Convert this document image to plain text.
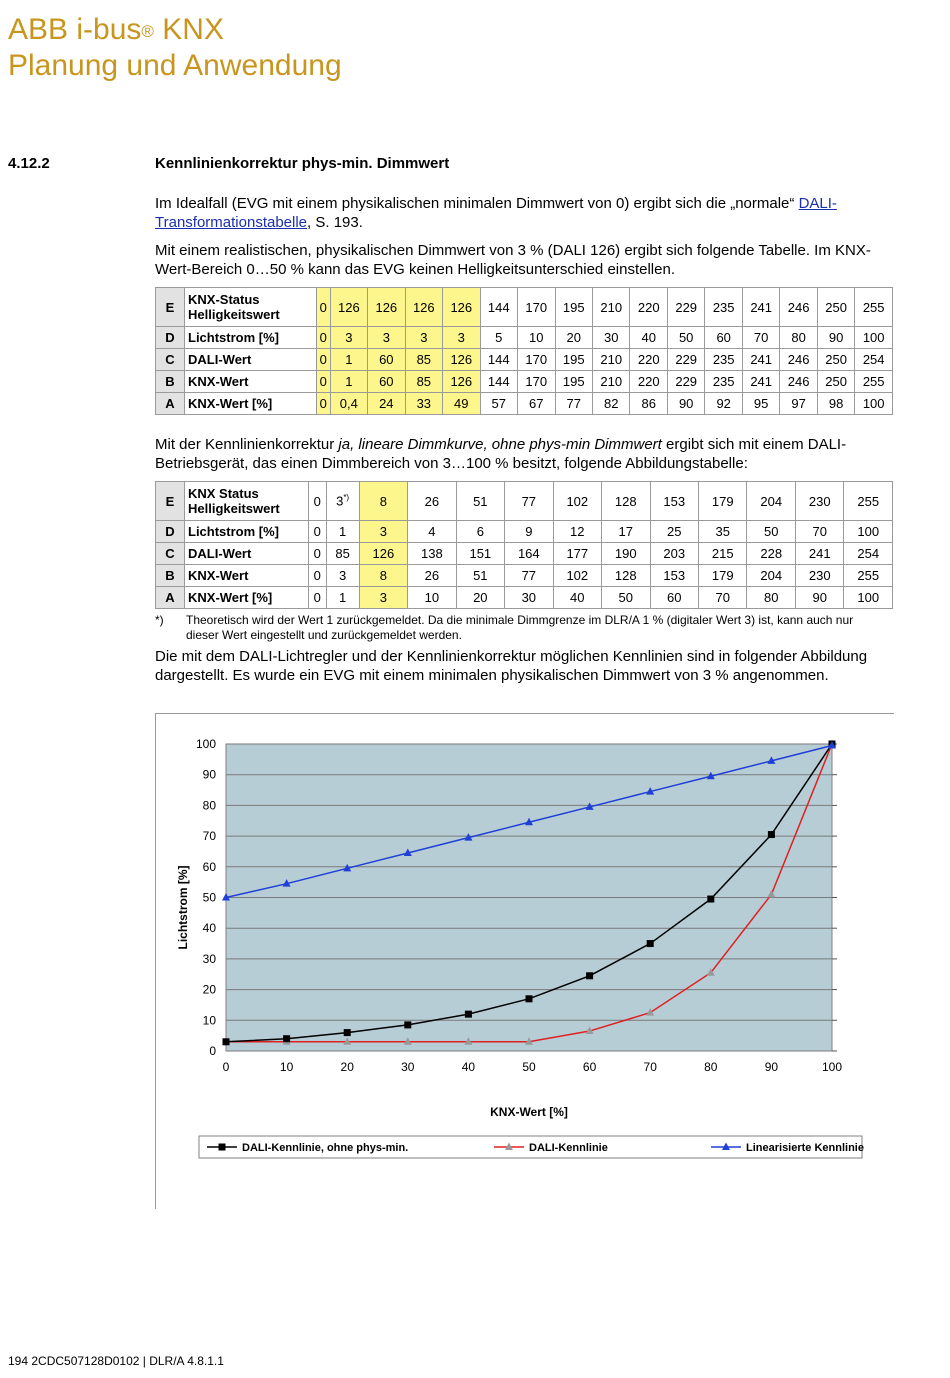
ABB i-bus® KNX
Planung und Anwendung
4.12.2	Kennlinienkorrektur phys-min. Dimmwert
Im Idealfall (EVG mit einem physikalischen minimalen Dimmwert von 0) ergibt sich die „normale“ DALI-Transformationstabelle, S. 193.
Mit einem realistischen, physikalischen Dimmwert von 3 % (DALI 126) ergibt sich folgende Tabelle. Im KNX-Wert-Bereich 0…50 % kann das EVG keinen Helligkeitsunterschied einstellen.
E	KNX-Status Helligkeitswert	0	126	126	126	126	144	170	195	210	220	229	235	241	246	250	255
D	Lichtstrom [%]	0	3	3	3	3	5	10	20	30	40	50	60	70	80	90	100
C	DALI-Wert	0	1	60	85	126	144	170	195	210	220	229	235	241	246	250	254
B	KNX-Wert	0	1	60	85	126	144	170	195	210	220	229	235	241	246	250	255
A	KNX-Wert [%]	0	0,4	24	33	49	57	67	77	82	86	90	92	95	97	98	100
Mit der Kennlinienkorrektur ja, lineare Dimmkurve, ohne phys-min Dimmwert ergibt sich mit einem DALI-Betriebsgerät, das einen Dimmbereich von 3…100 % besitzt, folgende Abbildungstabelle:
E	KNX Status Helligkeitswert	0	3*)	8	26	51	77	102	128	153	179	204	230	255
D	Lichtstrom [%]	0	1	3	4	6	9	12	17	25	35	50	70	100
C	DALI-Wert	0	85	126	138	151	164	177	190	203	215	228	241	254
B	KNX-Wert	0	3	8	26	51	77	102	128	153	179	204	230	255
A	KNX-Wert [%]	0	1	3	10	20	30	40	50	60	70	80	90	100
*) Theoretisch wird der Wert 1 zurückgemeldet. Da die minimale Dimmgrenze im DLR/A 1 % (digitaler Wert 3) ist, kann auch nur dieser Wert eingestellt und zurückgemeldet werden.
Die mit dem DALI-Lichtregler und der Kennlinienkorrektur möglichen Kennlinien sind in folgender Abbildung dargestellt. Es wurde ein EVG mit einem minimalen physikalischen Dimmwert von 3 % angenommen.
0
10
20
30
40
50
60
70
80
90
100
0	10	20	30	40	50	60	70	80	90	100
KNX-Wert [%]
Lichtstrom [%]
DALI-Kennlinie, ohne phys-min.	DALI-Kennlinie	Linearisierte Kennlinie
194 2CDC507128D0102 | DLR/A 4.8.1.1
